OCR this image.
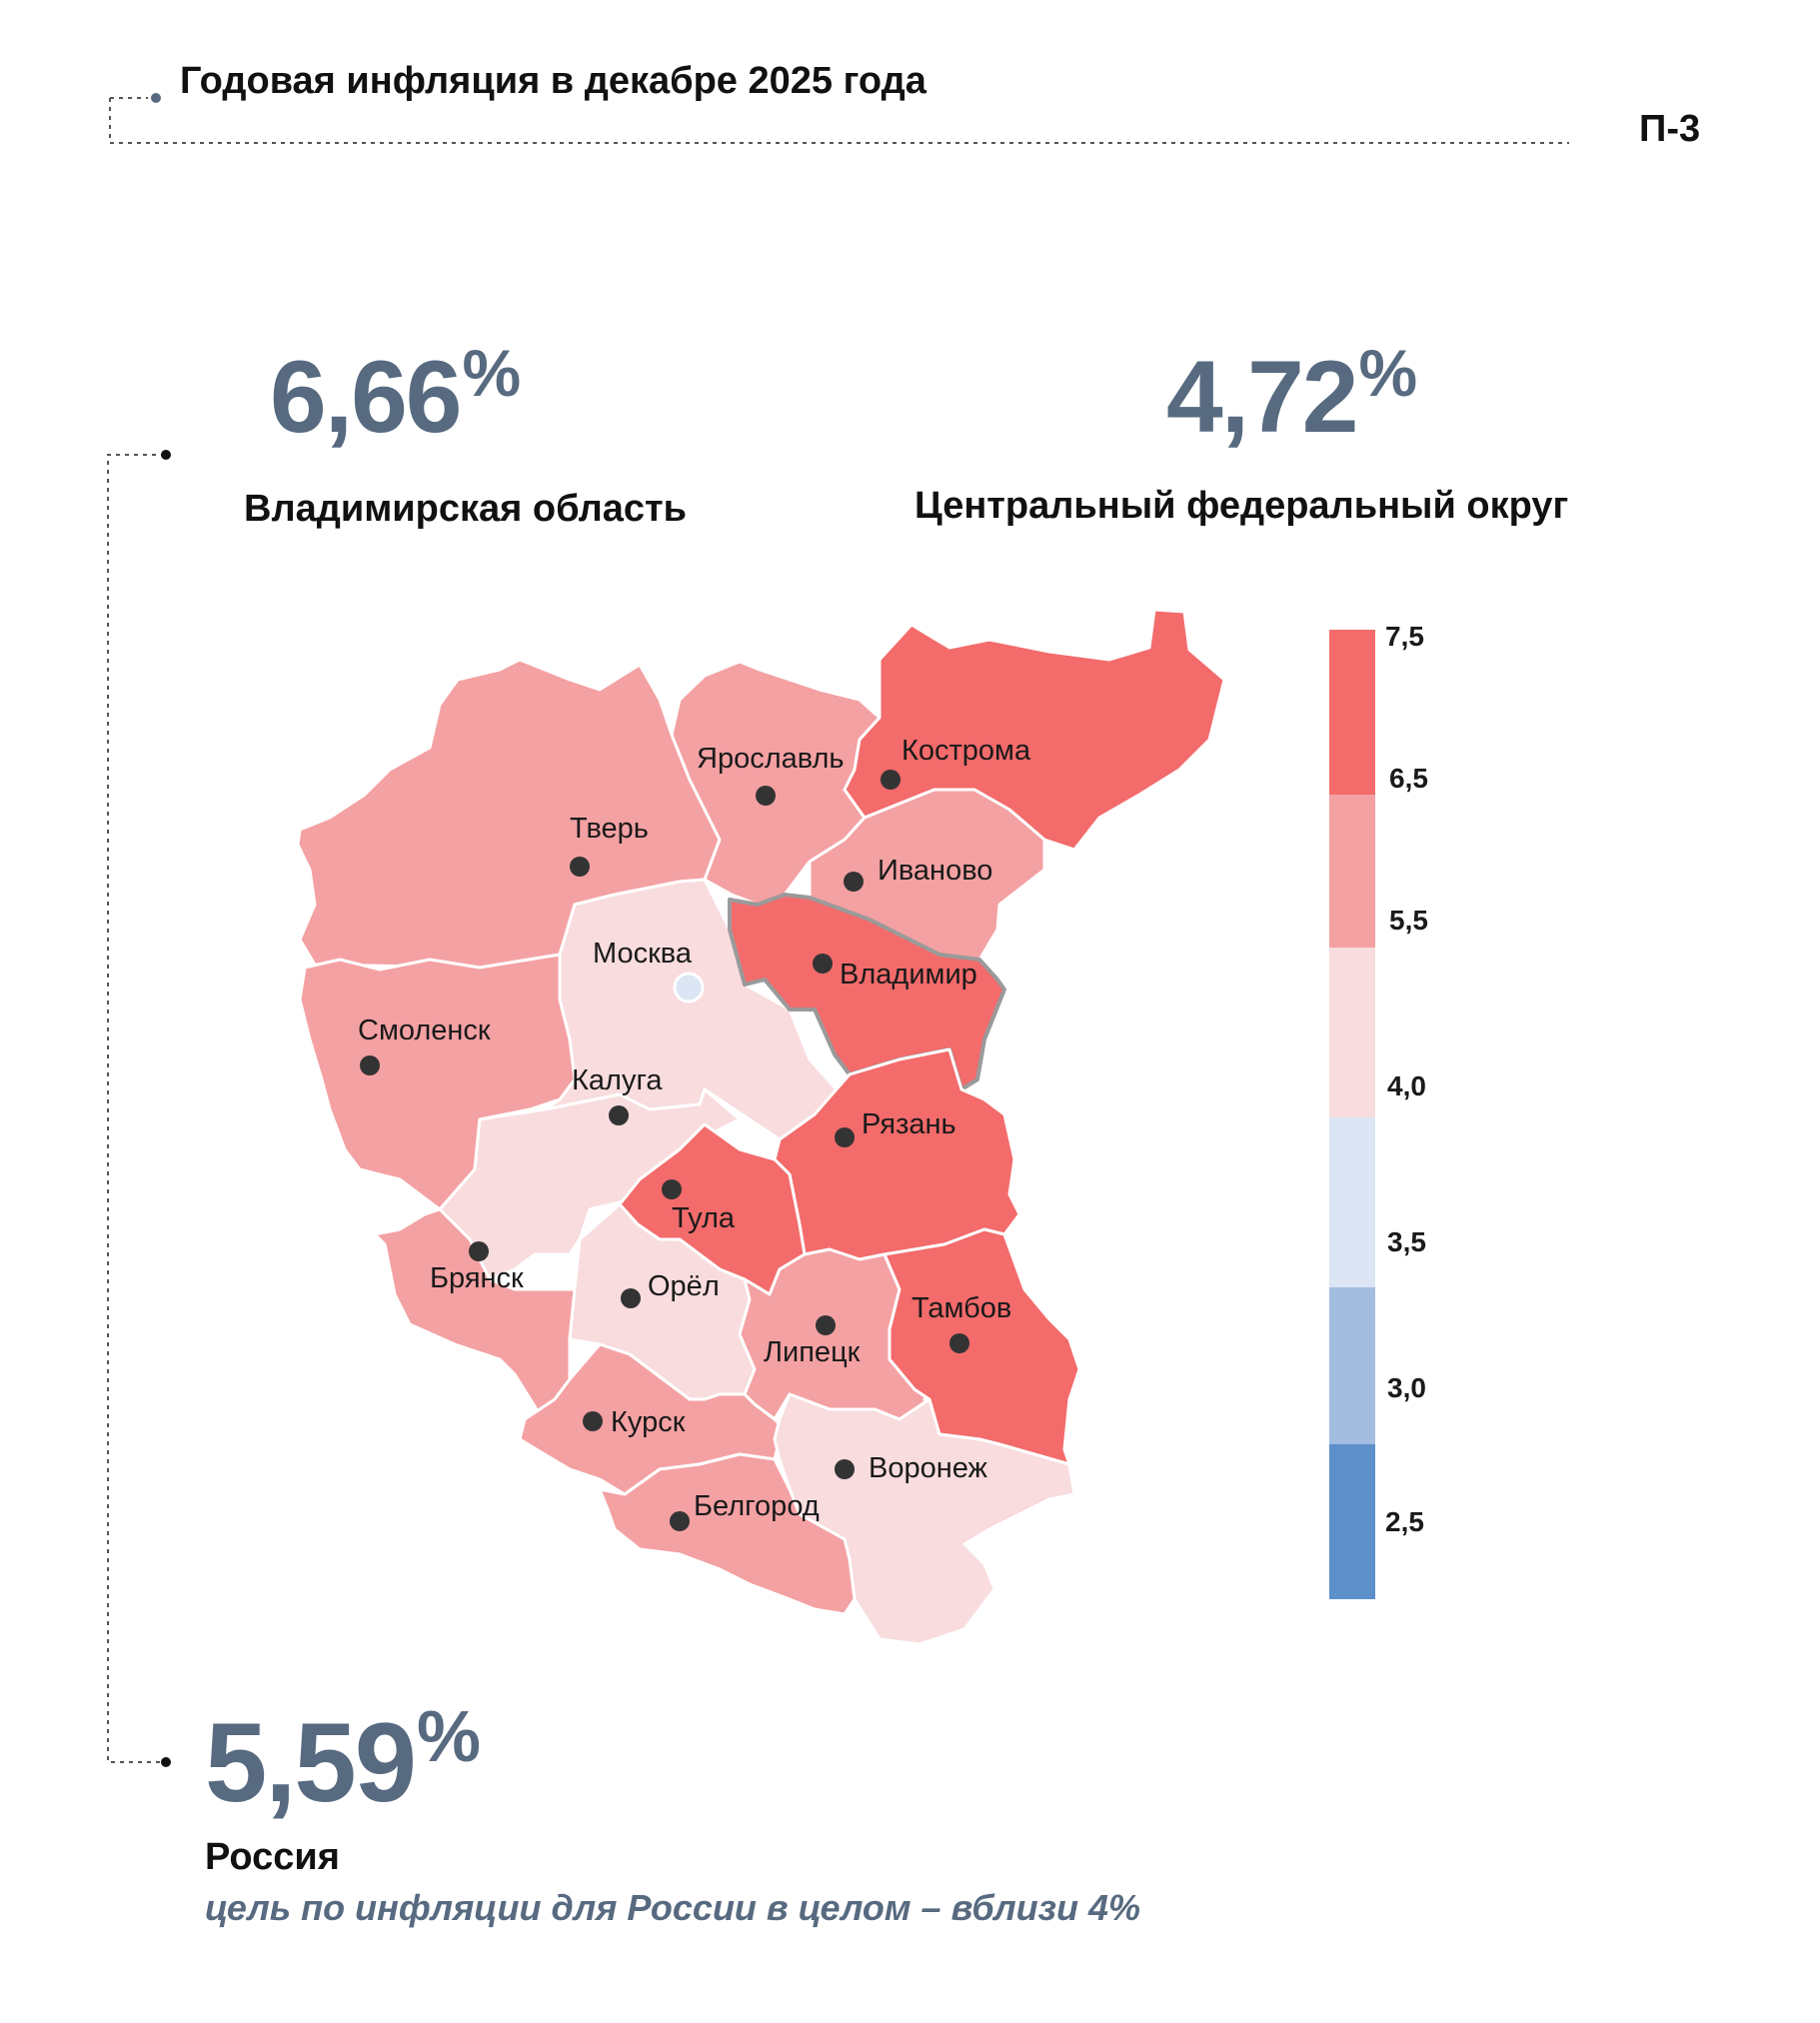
Годовая инфляция в декабре 2025 года
П-3
6,66%
Владимирская область
4,72%
Центральный федеральный округ
5,59%
Россия
цель по инфляции для России в целом – вблизи 4%
Тверь
Ярославль Кострома
Иваново
Владимир
Москва
Смоленск
Калуга
Рязань
Тула
Брянск	Орёл
Липецк
Тамбов
Курск
Воронеж
Белгород
7,5
6,5
5,5
4,0
3,5
3,0
2,5
